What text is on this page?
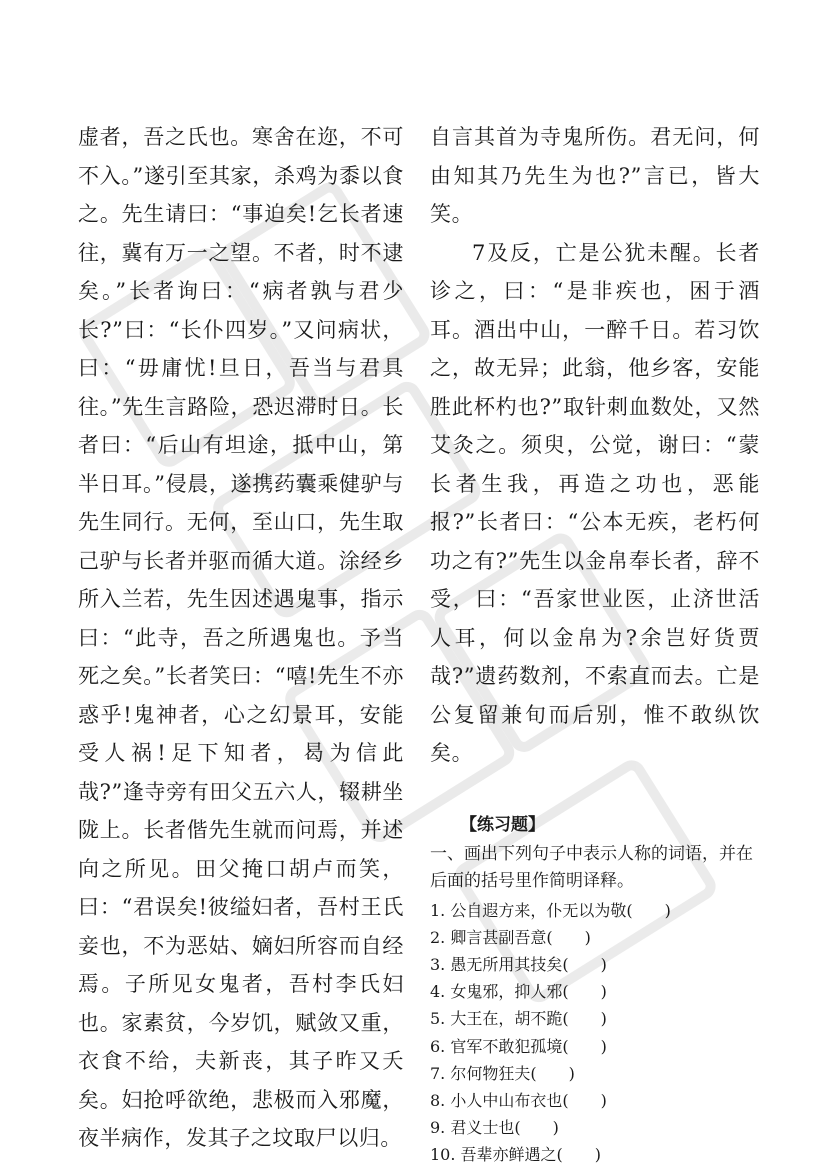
虚者，吾之氏也。寒舍在迩，不可不入。”遂引至其家，杀鸡为黍以食之。先生请曰：“事迫矣!乞长者速往，冀有万一之望。不者，时不逮矣。”长者询曰：“病者孰与君少长?”曰：“长仆四岁。”又问病状，曰：“毋庸忧!旦日，吾当与君具往。”先生言路险，恐迟滞时日。长者曰：“后山有坦途，抵中山，第半日耳。”侵晨，遂携药囊乘健驴与先生同行。无何，至山口，先生取己驴与长者并驱而循大道。涂经乡所入兰若，先生因述遇鬼事，指示曰：“此寺，吾之所遇鬼也。予当死之矣。”长者笑曰：“嘻!先生不亦惑乎!鬼神者，心之幻景耳，安能受人祸!足下知者，曷为信此哉?”逢寺旁有田父五六人，辍耕坐陇上。长者偕先生就而问焉，并述向之所见。田父掩口胡卢而笑，曰：“君误矣!彼缢妇者，吾村王氏妾也，不为恶姑、嫡妇所容而自经焉。子所见女鬼者，吾村李氏妇也。家素贫，今岁饥，赋敛又重，衣食不给，夫新丧，其子昨又夭矣。妇抢呼欲绝，悲极而入邪魔，夜半病作，发其子之坟取尸以归。

自言其首为寺鬼所伤。君无问，何由知其乃先生为也?”言已，皆大笑。

7及反，亡是公犹未醒。长者诊之，曰：“是非疾也，困于酒耳。酒出中山，一醉千日。若习饮之，故无异；此翁，他乡客，安能胜此杯杓也?”取针刺血数处，又然艾灸之。须臾，公觉，谢曰：“蒙长者生我，再造之功也，恶能报?”长者曰：“公本无疾，老朽何功之有?”先生以金帛奉长者，辞不受，曰：“吾家世业医，止济世活人耳，何以金帛为?余岂好货贾哉?”遗药数剂，不索直而去。亡是公复留兼旬而后别，惟不敢纵饮矣。

【练习题】

一、画出下列句子中表示人称的词语，并在后面的括号里作简明译释。

1. 公自遐方来，仆无以为敬(　　)
2. 卿言甚副吾意(　　)
3. 愚无所用其技矣(　　)
4. 女鬼邪，抑人邪(　　)
5. 大王在，胡不跪(　　)
6. 官军不敢犯孤境(　　)
7. 尔何物狂夫(　　)
8. 小人中山布衣也(　　)
9. 君义士也(　　)
10. 吾辈亦鲜遇之(　　)
